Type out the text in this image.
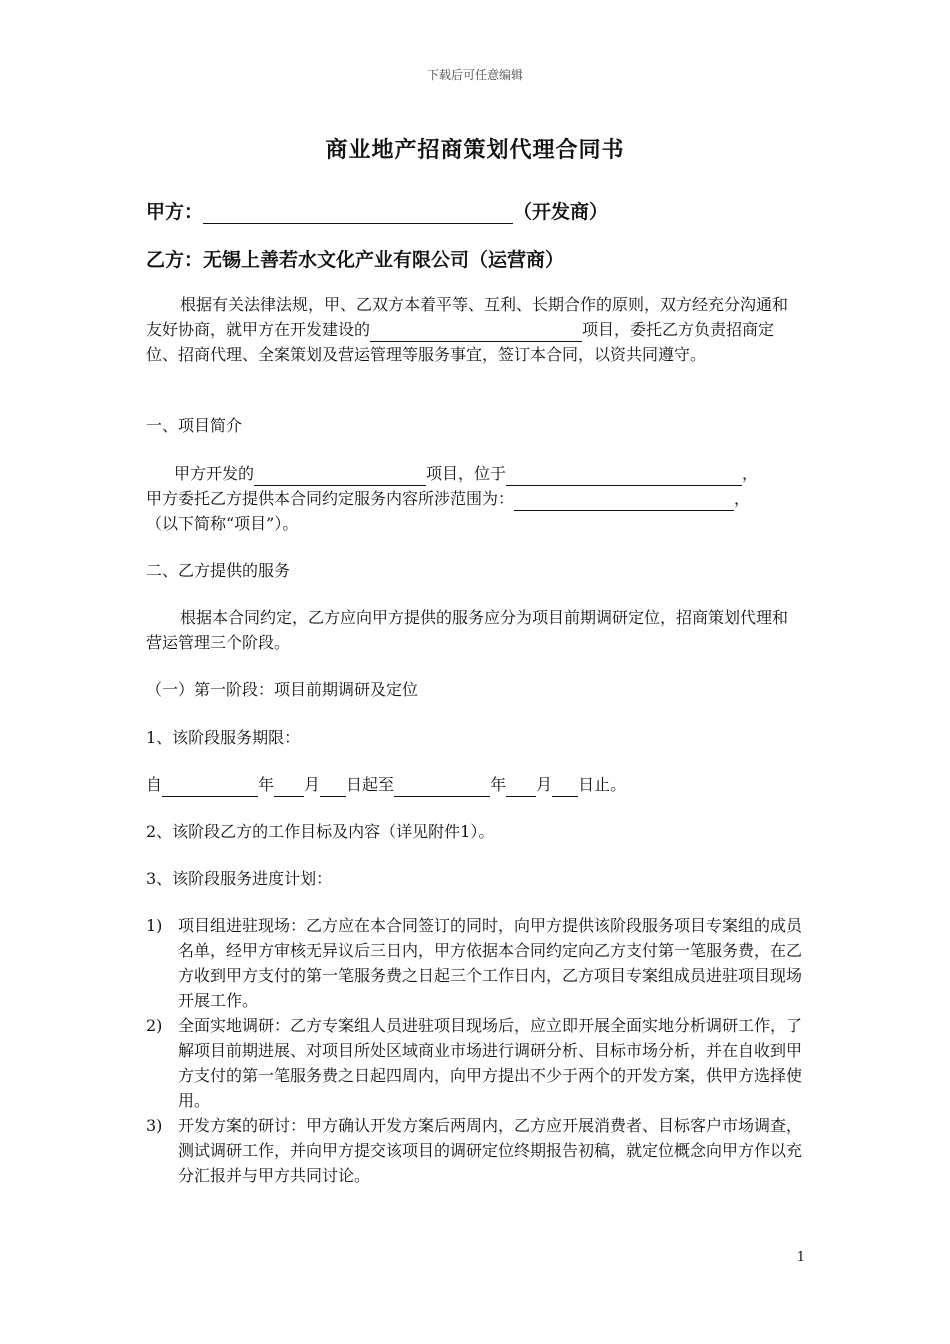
下载后可任意编辑
商业地产招商策划代理合同书
甲方：	（开发商）
乙方：无锡上善若水文化产业有限公司（运营商）
根据有关法律法规，甲、乙双方本着平等、互利、长期合作的原则，双方经充分沟通和友好协商，就甲方在开发建设的	项目，委托乙方负责招商定位、招商代理、全案策划及营运管理等服务事宜，签订本合同，以资共同遵守。
一、项目简介
甲方开发的	项目，位于	，
甲方委托乙方提供本合同约定服务内容所涉范围为：	，
（以下简称“项目”）。
二、乙方提供的服务
根据本合同约定，乙方应向甲方提供的服务应分为项目前期调研定位，招商策划代理和营运管理三个阶段。
（一）第一阶段：项目前期调研及定位
1、该阶段服务期限：
自	年 月 日起至	年 月 日止。
2、该阶段乙方的工作目标及内容（详见附件1）。
3、该阶段服务进度计划：
1) 项目组进驻现场：乙方应在本合同签订的同时，向甲方提供该阶段服务项目专案组的成员名单，经甲方审核无异议后三日内，甲方依据本合同约定向乙方支付第一笔服务费，在乙方收到甲方支付的第一笔服务费之日起三个工作日内，乙方项目专案组成员进驻项目现场开展工作。
2) 全面实地调研：乙方专案组人员进驻项目现场后，应立即开展全面实地分析调研工作，了解项目前期进展、对项目所处区域商业市场进行调研分析、目标市场分析，并在自收到甲方支付的第一笔服务费之日起四周内，向甲方提出不少于两个的开发方案，供甲方选择使用。
3) 开发方案的研讨：甲方确认开发方案后两周内，乙方应开展消费者、目标客户市场调查，测试调研工作，并向甲方提交该项目的调研定位终期报告初稿，就定位概念向甲方作以充分汇报并与甲方共同讨论。
1
